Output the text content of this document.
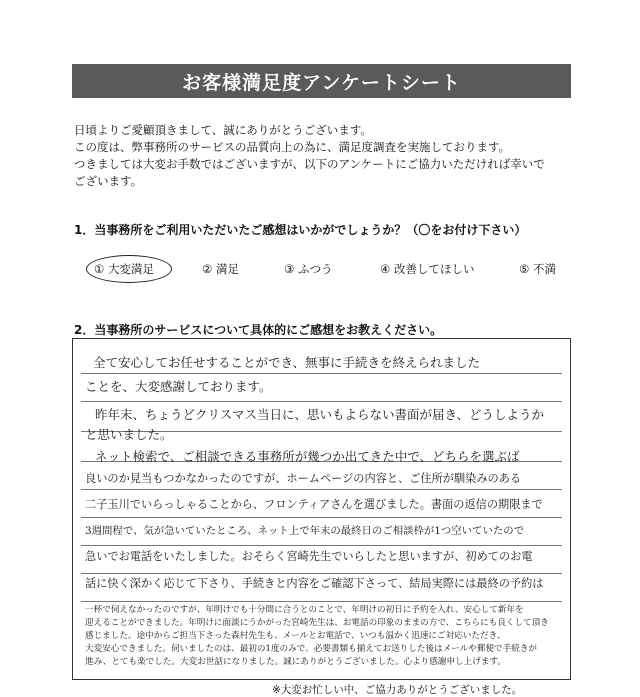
お客様満足度アンケートシート
日頃よりご愛顧頂きまして、誠にありがとうございます。
この度は、弊事務所のサービスの品質向上の為に、満足度調査を実施しております。
つきましては大変お手数ではございますが、以下のアンケートにご協力いただければ幸いで
ございます。
1．当事務所をご利用いただいたご感想はいかがでしょうか？（〇をお付け下さい）
① 大変満足	② 満足	③ ふつう	④ 改善してほしい	⑤ 不満
2．当事務所のサービスについて具体的にご感想をお教えください。
全て安心してお任せすることができ、無事に手続きを終えられました
ことを、大変感謝しております。
昨年末、ちょうどクリスマス当日に、思いもよらない書面が届き、どうしようか
と思いました。
ネット検索で、ご相談できる事務所が幾つか出てきた中で、どちらを選ぶば
良いのか見当もつかなかったのですが、ホームページの内容と、ご住所が馴染みのある
二子玉川でいらっしゃることから、フロンティアさんを選びました。書面の返信の期限まで
3週間程で、気が急いていたところ、ネット上で年末の最終日のご相談枠が1つ空いていたので
急いでお電話をいたしました。おそらく宮崎先生でいらしたと思いますが、初めてのお電
話に快く深かく応じて下さり、手続きと内容をご確認下さって、結局実際には最終の予約は
一杯で伺えなかったのですが、年明けでも十分間に合うとのことで、年明けの初日に予約を入れ、安心して新年を
迎えることができました。年明けに面談にうかがった宮崎先生は、お電話の印象のままの方で、こちらにも良くして頂き
感じました。途中からご担当下さった森村先生も、メールとお電話で、いつも温かく迅速にご対応いただき、
大変安心できました。伺いましたのは、最初の1度のみで、必要書類も揃えてお送りした後はメールや郵便で手続きが
進み、とても楽でした。大変お世話になりました。誠にありがとうございました。心より感謝申し上げます。
※大変お忙しい中、ご協力ありがとうございました。
